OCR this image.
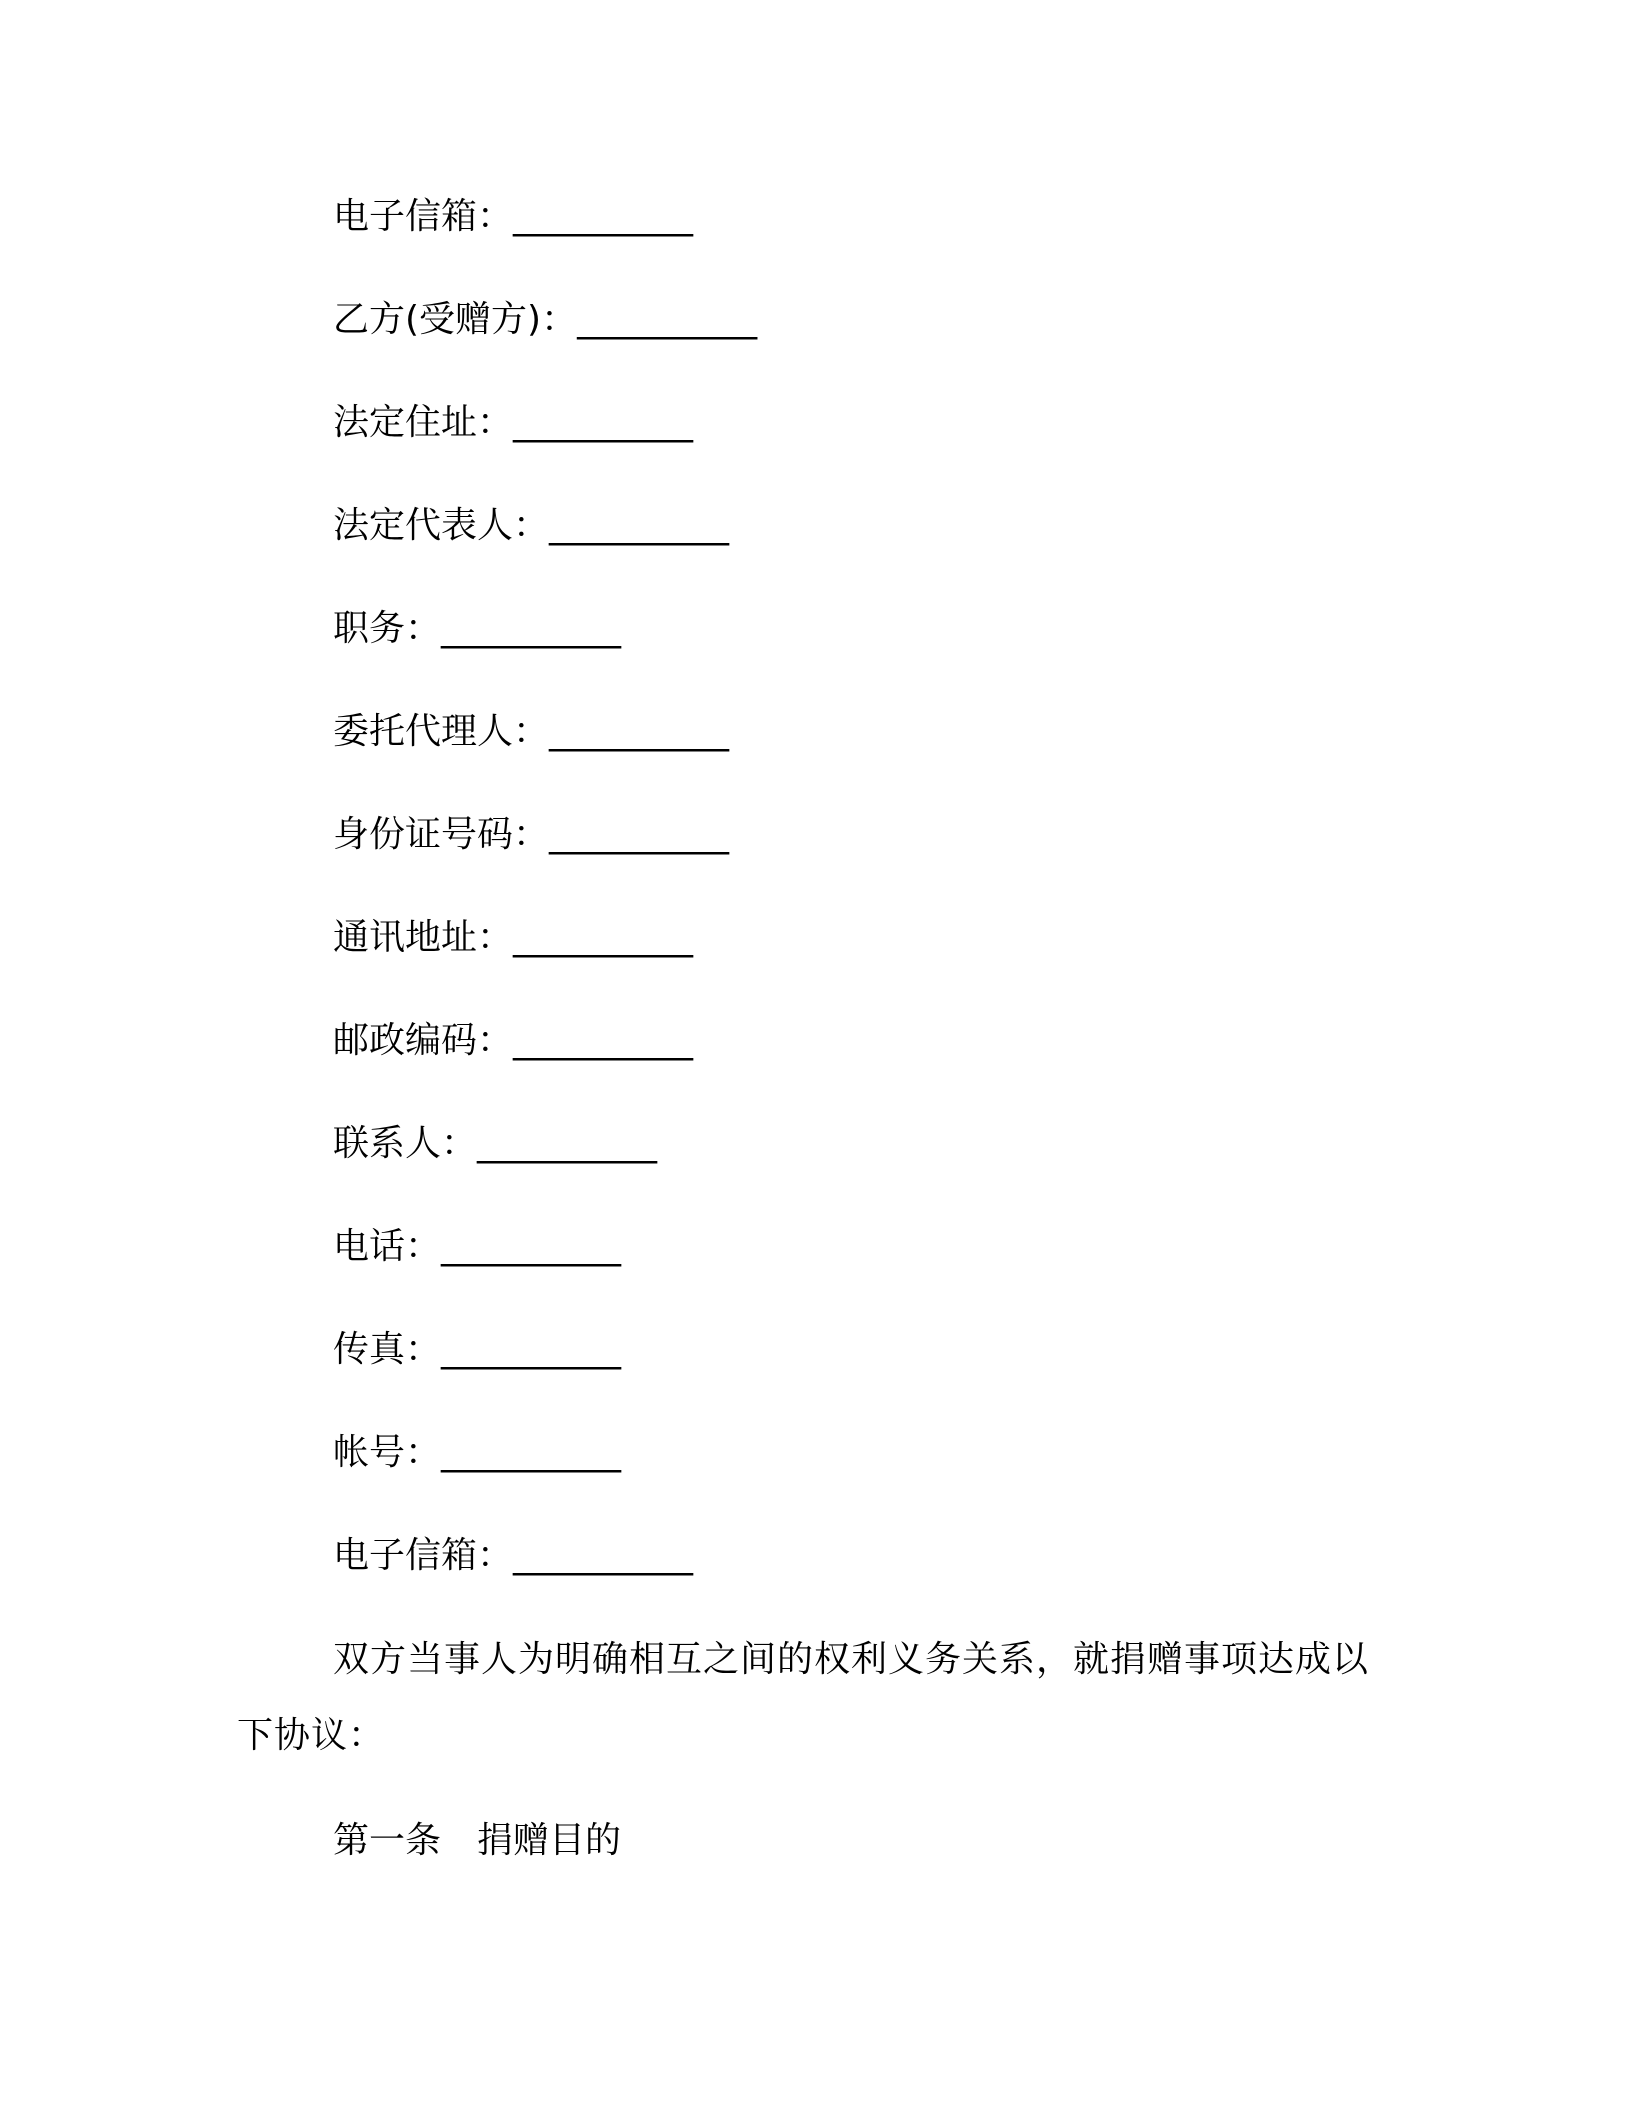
电子信箱：__________
乙方(受赠方)：__________
法定住址：__________
法定代表人：__________
职务：__________
委托代理人：__________
身份证号码：__________
通讯地址：__________
邮政编码：__________
联系人：__________
电话：__________
传真：__________
帐号：__________
电子信箱：__________
双方当事人为明确相互之间的权利义务关系，就捐赠事项达成以下协议：
第一条　捐赠目的
